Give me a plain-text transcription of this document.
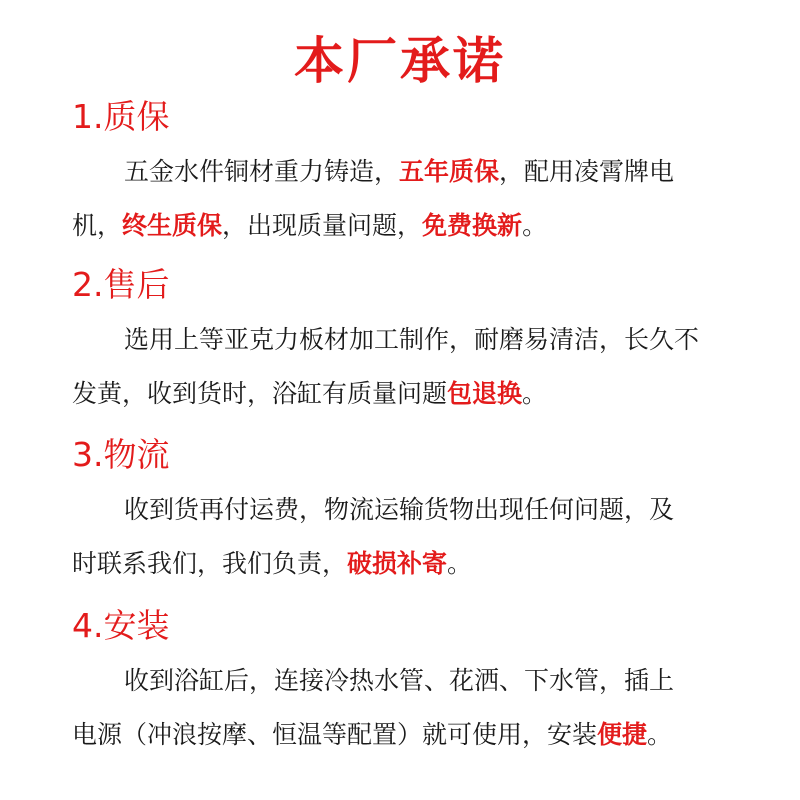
本厂承诺
1.质保
五金水件铜材重力铸造，五年质保，配用凌霄牌电
机，终生质保，出现质量问题，免费换新。
2.售后
选用上等亚克力板材加工制作，耐磨易清洁，长久不
发黄，收到货时，浴缸有质量问题包退换。
3.物流
收到货再付运费，物流运输货物出现任何问题，及
时联系我们，我们负责，破损补寄。
4.安装
收到浴缸后，连接冷热水管、花洒、下水管，插上
电源（冲浪按摩、恒温等配置）就可使用，安装便捷。
